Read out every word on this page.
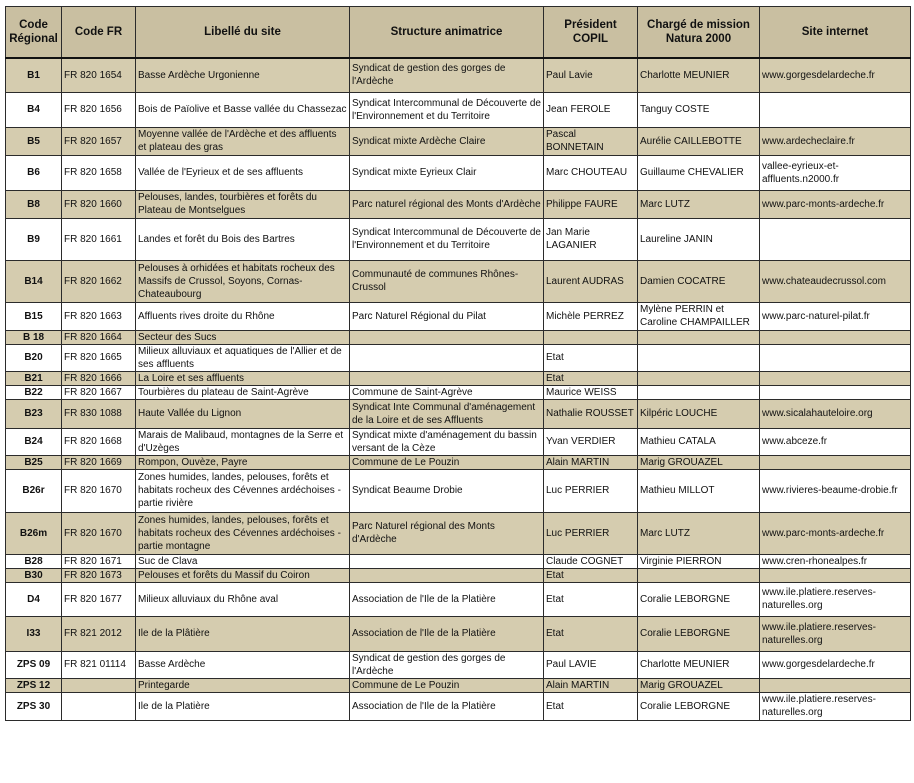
Code Régional	Code FR	Libellé du site	Structure animatrice	Président COPIL	Chargé de mission Natura 2000	Site internet
B1	FR 820 1654	Basse Ardèche Urgonienne	Syndicat de gestion des gorges de l'Ardèche	Paul Lavie	Charlotte MEUNIER	www.gorgesdelardeche.fr
B4	FR 820 1656	Bois de Païolive et Basse vallée du Chassezac	Syndicat Intercommunal de Découverte de l'Environnement et du Territoire	Jean FEROLE	Tanguy COSTE	
B5	FR 820 1657	Moyenne vallée de l'Ardèche et des affluents et plateau des gras	Syndicat mixte Ardèche Claire	Pascal BONNETAIN	Aurélie CAILLEBOTTE	www.ardecheclaire.fr
B6	FR 820 1658	Vallée de l'Eyrieux et de ses affluents	Syndicat mixte Eyrieux Clair	Marc CHOUTEAU	Guillaume CHEVALIER	vallee-eyrieux-et-affluents.n2000.fr
B8	FR 820 1660	Pelouses, landes, tourbières et forêts du Plateau de Montselgues	Parc naturel régional des Monts d'Ardèche	Philippe FAURE	Marc LUTZ	www.parc-monts-ardeche.fr
B9	FR 820 1661	Landes et forêt du Bois des Bartres	Syndicat Intercommunal de Découverte de l'Environnement et du Territoire	Jan Marie LAGANIER	Laureline JANIN	
B14	FR 820 1662	Pelouses à orhidées et habitats rocheux des Massifs de Crussol, Soyons, Cornas-Chateaubourg	Communauté de communes Rhônes-Crussol	Laurent AUDRAS	Damien COCATRE	www.chateaudecrussol.com
B15	FR 820 1663	Affluents rives droite du Rhône	Parc Naturel Régional du Pilat	Michèle PERREZ	Mylène PERRIN et Caroline CHAMPAILLER	www.parc-naturel-pilat.fr
B 18	FR 820 1664	Secteur des Sucs				
B20	FR 820 1665	Milieux alluviaux et aquatiques de l'Allier et de ses affluents		Etat		
B21	FR 820 1666	La Loire et ses affluents		Etat		
B22	FR 820 1667	Tourbières du plateau de Saint-Agrève	Commune de Saint-Agrève	Maurice WEISS		
B23	FR 830 1088	Haute Vallée du Lignon	Syndicat Inte Communal d'aménagement de la Loire et de ses Affluents	Nathalie ROUSSET	Kilpéric LOUCHE	www.sicalahauteloire.org
B24	FR 820 1668	Marais de Malibaud, montagnes de la Serre et d'Uzèges	Syndicat mixte d'aménagement du bassin versant de la Cèze	Yvan VERDIER	Mathieu CATALA	www.abceze.fr
B25	FR 820 1669	Rompon, Ouvèze, Payre	Commune de Le Pouzin	Alain MARTIN	Marig GROUAZEL	
B26r	FR 820 1670	Zones humides, landes, pelouses, forêts et habitats rocheux des Cévennes ardéchoises - partie rivière	Syndicat Beaume Drobie	Luc PERRIER	Mathieu MILLOT	www.rivieres-beaume-drobie.fr
B26m	FR 820 1670	Zones humides, landes, pelouses, forêts et habitats rocheux des Cévennes ardéchoises - partie montagne	Parc Naturel régional des Monts d'Ardèche	Luc PERRIER	Marc LUTZ	www.parc-monts-ardeche.fr
B28	FR 820 1671	Suc de Clava		Claude COGNET	Virginie PIERRON	www.cren-rhonealpes.fr
B30	FR 820 1673	Pelouses et forêts du Massif du Coiron		Etat		
D4	FR 820 1677	Milieux alluviaux du Rhône aval	Association de l'Ile de la Platière	Etat	Coralie LEBORGNE	www.ile.platiere.reserves-naturelles.org
I33	FR 821 2012	Ile de la Plâtière	Association de l'Ile de la Platière	Etat	Coralie LEBORGNE	www.ile.platiere.reserves-naturelles.org
ZPS 09	FR 821 01114	Basse Ardèche	Syndicat de gestion des gorges de l'Ardèche	Paul LAVIE	Charlotte MEUNIER	www.gorgesdelardeche.fr
ZPS 12		Printegarde	Commune de Le Pouzin	Alain MARTIN	Marig GROUAZEL	
ZPS 30		Ile de la Platière	Association de l'Ile de la Platière	Etat	Coralie LEBORGNE	www.ile.platiere.reserves-naturelles.org
